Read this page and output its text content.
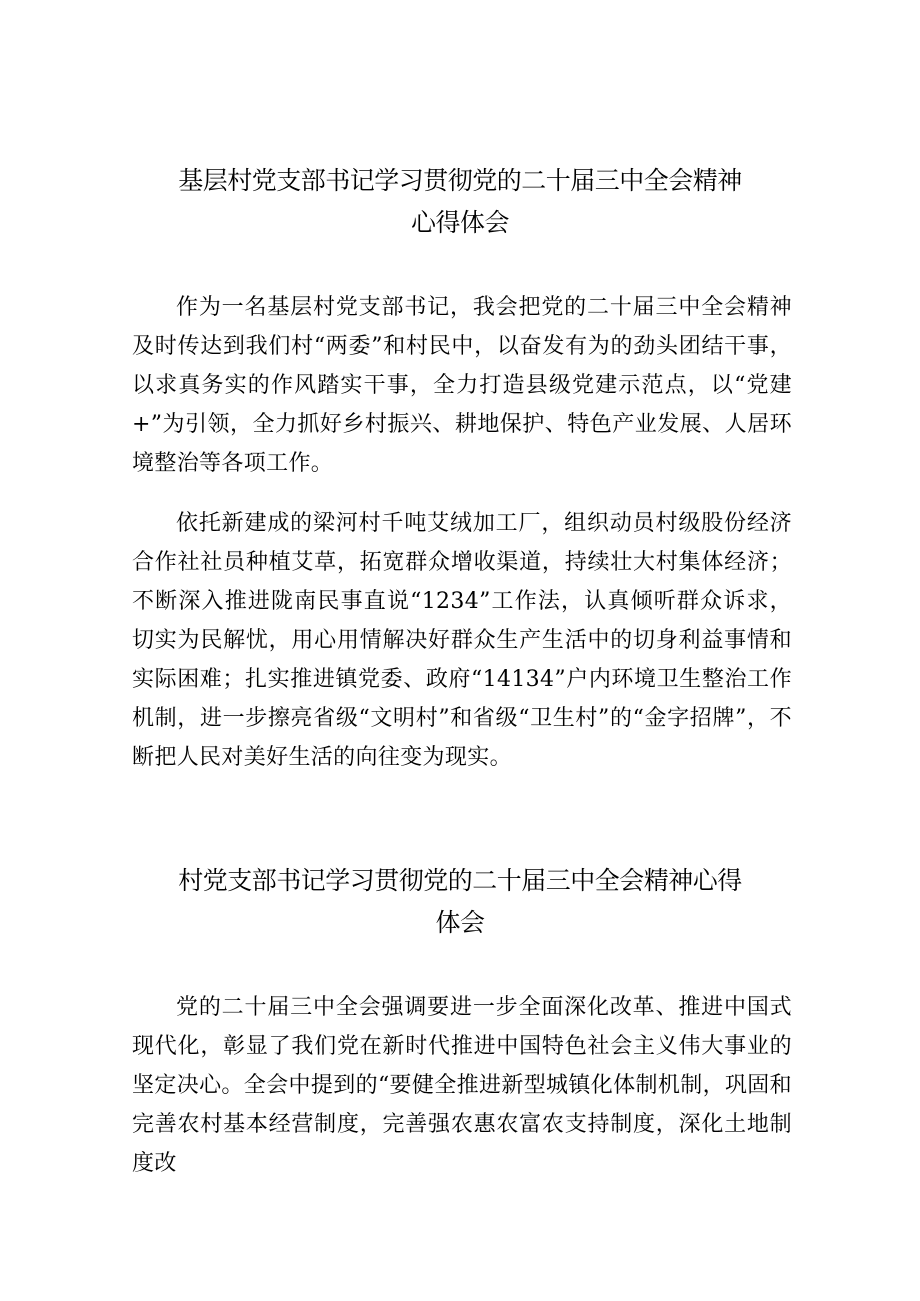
基层村党支部书记学习贯彻党的二十届三中全会精神
心得体会

作为一名基层村党支部书记，我会把党的二十届三中全会精神及时传达到我们村“两委”和村民中，以奋发有为的劲头团结干事，以求真务实的作风踏实干事，全力打造县级党建示范点，以“党建+”为引领，全力抓好乡村振兴、耕地保护、特色产业发展、人居环境整治等各项工作。

依托新建成的梁河村千吨艾绒加工厂，组织动员村级股份经济合作社社员种植艾草，拓宽群众增收渠道，持续壮大村集体经济；不断深入推进陇南民事直说“1234”工作法，认真倾听群众诉求，切实为民解忧，用心用情解决好群众生产生活中的切身利益事情和实际困难；扎实推进镇党委、政府“14134”户内环境卫生整治工作机制，进一步擦亮省级“文明村”和省级“卫生村”的“金字招牌”，不断把人民对美好生活的向往变为现实。

村党支部书记学习贯彻党的二十届三中全会精神心得
体会

党的二十届三中全会强调要进一步全面深化改革、推进中国式现代化，彰显了我们党在新时代推进中国特色社会主义伟大事业的坚定决心。全会中提到的“要健全推进新型城镇化体制机制，巩固和完善农村基本经营制度，完善强农惠农富农支持制度，深化土地制度改
